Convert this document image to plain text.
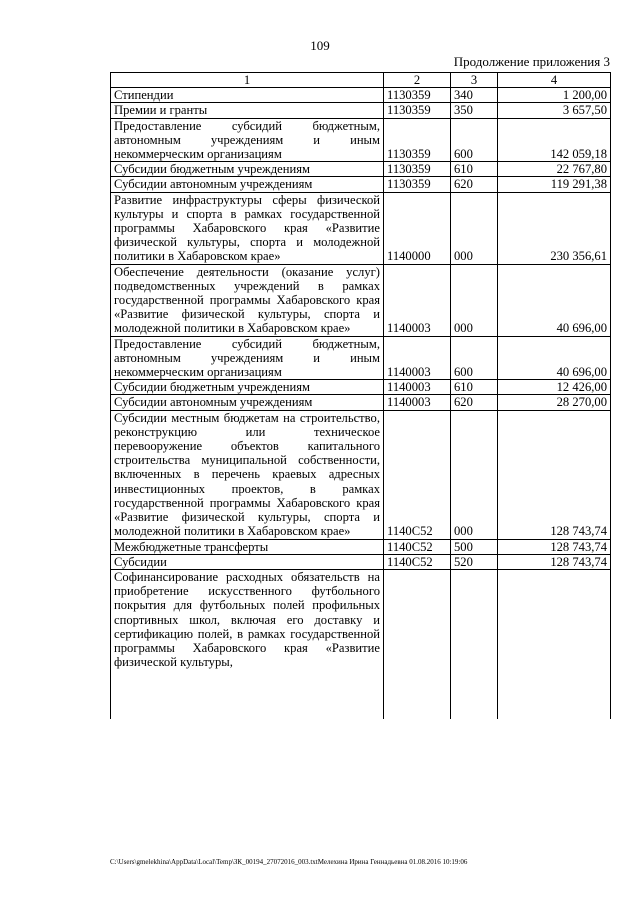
109
Продолжение приложения 3
1	2	3	4
Стипендии	1130359	340	1 200,00
Премии и гранты	1130359	350	3 657,50
Предоставление субсидий бюджетным, автономным учреждениям и иным некоммерческим организациям	1130359	600	142 059,18
Субсидии бюджетным учреждениям	1130359	610	22 767,80
Субсидии автономным учреждениям	1130359	620	119 291,38
Развитие инфраструктуры сферы физической культуры и спорта в рамках государственной программы Хабаровского края «Развитие физической культуры, спорта и молодежной политики в Хабаровском крае»	1140000	000	230 356,61
Обеспечение деятельности (оказание услуг) подведомственных учреждений в рамках государственной программы Хабаровского края «Развитие физической культуры, спорта и молодежной политики в Хабаровском крае»	1140003	000	40 696,00
Предоставление субсидий бюджетным, автономным учреждениям и иным некоммерческим организациям	1140003	600	40 696,00
Субсидии бюджетным учреждениям	1140003	610	12 426,00
Субсидии автономным учреждениям	1140003	620	28 270,00
Субсидии местным бюджетам на строительство, реконструкцию или техническое перевооружение объектов капитального строительства муниципальной собственности, включенных в перечень краевых адресных инвестиционных проектов, в рамках государственной программы Хабаровского края «Развитие физической культуры, спорта и молодежной политики в Хабаровском крае»	1140С52	000	128 743,74
Межбюджетные трансферты	1140С52	500	128 743,74
Субсидии	1140С52	520	128 743,74
Софинансирование расходных обязательств на приобретение искусственного футбольного покрытия для футбольных полей профильных спортивных школ, включая его доставку и сертификацию полей, в рамках государственной программы Хабаровского края «Развитие физической культуры,			
C:\Users\gmelekhina\AppData\Local\Temp\ЗК_00194_27072016_003.txtМелехина Ирина Геннадьевна 01.08.2016 10:19:06
